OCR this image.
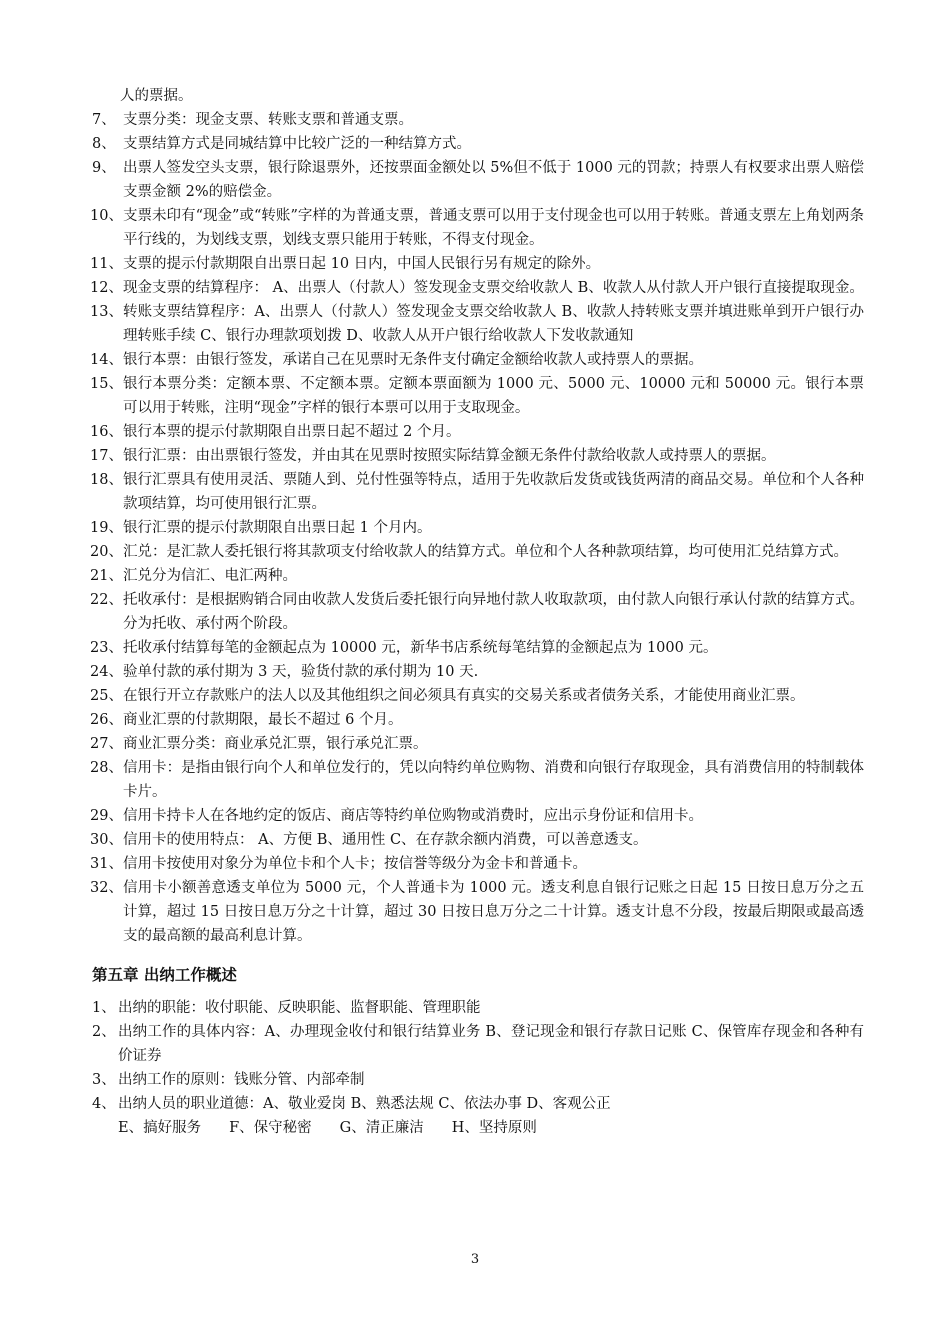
人的票据。
7、 支票分类：现金支票、转账支票和普通支票。
8、 支票结算方式是同城结算中比较广泛的一种结算方式。
9、 出票人签发空头支票，银行除退票外，还按票面金额处以 5%但不低于 1000 元的罚款；持票人有权要求出票人赔偿支票金额 2%的赔偿金。
10、 支票未印有“现金”或“转账”字样的为普通支票，普通支票可以用于支付现金也可以用于转账。普通支票左上角划两条平行线的，为划线支票，划线支票只能用于转账，不得支付现金。
11、 支票的提示付款期限自出票日起 10 日内，中国人民银行另有规定的除外。
12、 现金支票的结算程序： A、出票人（付款人）签发现金支票交给收款人 B、收款人从付款人开户银行直接提取现金。
13、 转账支票结算程序：A、出票人（付款人）签发现金支票交给收款人 B、收款人持转账支票并填进账单到开户银行办理转账手续 C、银行办理款项划拨 D、收款人从开户银行给收款人下发收款通知
14、 银行本票：由银行签发，承诺自己在见票时无条件支付确定金额给收款人或持票人的票据。
15、 银行本票分类：定额本票、不定额本票。定额本票面额为 1000 元、5000 元、10000 元和 50000 元。银行本票可以用于转账，注明“现金”字样的银行本票可以用于支取现金。
16、 银行本票的提示付款期限自出票日起不超过 2 个月。
17、 银行汇票：由出票银行签发，并由其在见票时按照实际结算金额无条件付款给收款人或持票人的票据。
18、 银行汇票具有使用灵活、票随人到、兑付性强等特点，适用于先收款后发货或钱货两清的商品交易。单位和个人各种款项结算，均可使用银行汇票。
19、 银行汇票的提示付款期限自出票日起 1 个月内。
20、 汇兑：是汇款人委托银行将其款项支付给收款人的结算方式。单位和个人各种款项结算，均可使用汇兑结算方式。
21、 汇兑分为信汇、电汇两种。
22、 托收承付：是根据购销合同由收款人发货后委托银行向异地付款人收取款项，由付款人向银行承认付款的结算方式。分为托收、承付两个阶段。
23、 托收承付结算每笔的金额起点为 10000 元，新华书店系统每笔结算的金额起点为 1000 元。
24、 验单付款的承付期为 3 天，验货付款的承付期为 10 天.
25、 在银行开立存款账户的法人以及其他组织之间必须具有真实的交易关系或者债务关系，才能使用商业汇票。
26、 商业汇票的付款期限，最长不超过 6 个月。
27、 商业汇票分类：商业承兑汇票，银行承兑汇票。
28、 信用卡：是指由银行向个人和单位发行的，凭以向特约单位购物、消费和向银行存取现金，具有消费信用的特制载体卡片。
29、 信用卡持卡人在各地约定的饭店、商店等特约单位购物或消费时，应出示身份证和信用卡。
30、 信用卡的使用特点： A、方便 B、通用性 C、在存款余额内消费，可以善意透支。
31、 信用卡按使用对象分为单位卡和个人卡；按信誉等级分为金卡和普通卡。
32、 信用卡小额善意透支单位为 5000 元，个人普通卡为 1000 元。透支利息自银行记账之日起 15 日按日息万分之五计算，超过 15 日按日息万分之十计算，超过 30 日按日息万分之二十计算。透支计息不分段，按最后期限或最高透支的最高额的最高利息计算。
第五章 出纳工作概述
1、 出纳的职能：收付职能、反映职能、监督职能、管理职能
2、 出纳工作的具体内容：A、办理现金收付和银行结算业务 B、登记现金和银行存款日记账 C、保管库存现金和各种有价证券
3、 出纳工作的原则：钱账分管、内部牵制
4、 出纳人员的职业道德：A、敬业爱岗 B、熟悉法规 C、依法办事 D、客观公正
E、搞好服务 F、保守秘密 G、清正廉洁 H、坚持原则
3
